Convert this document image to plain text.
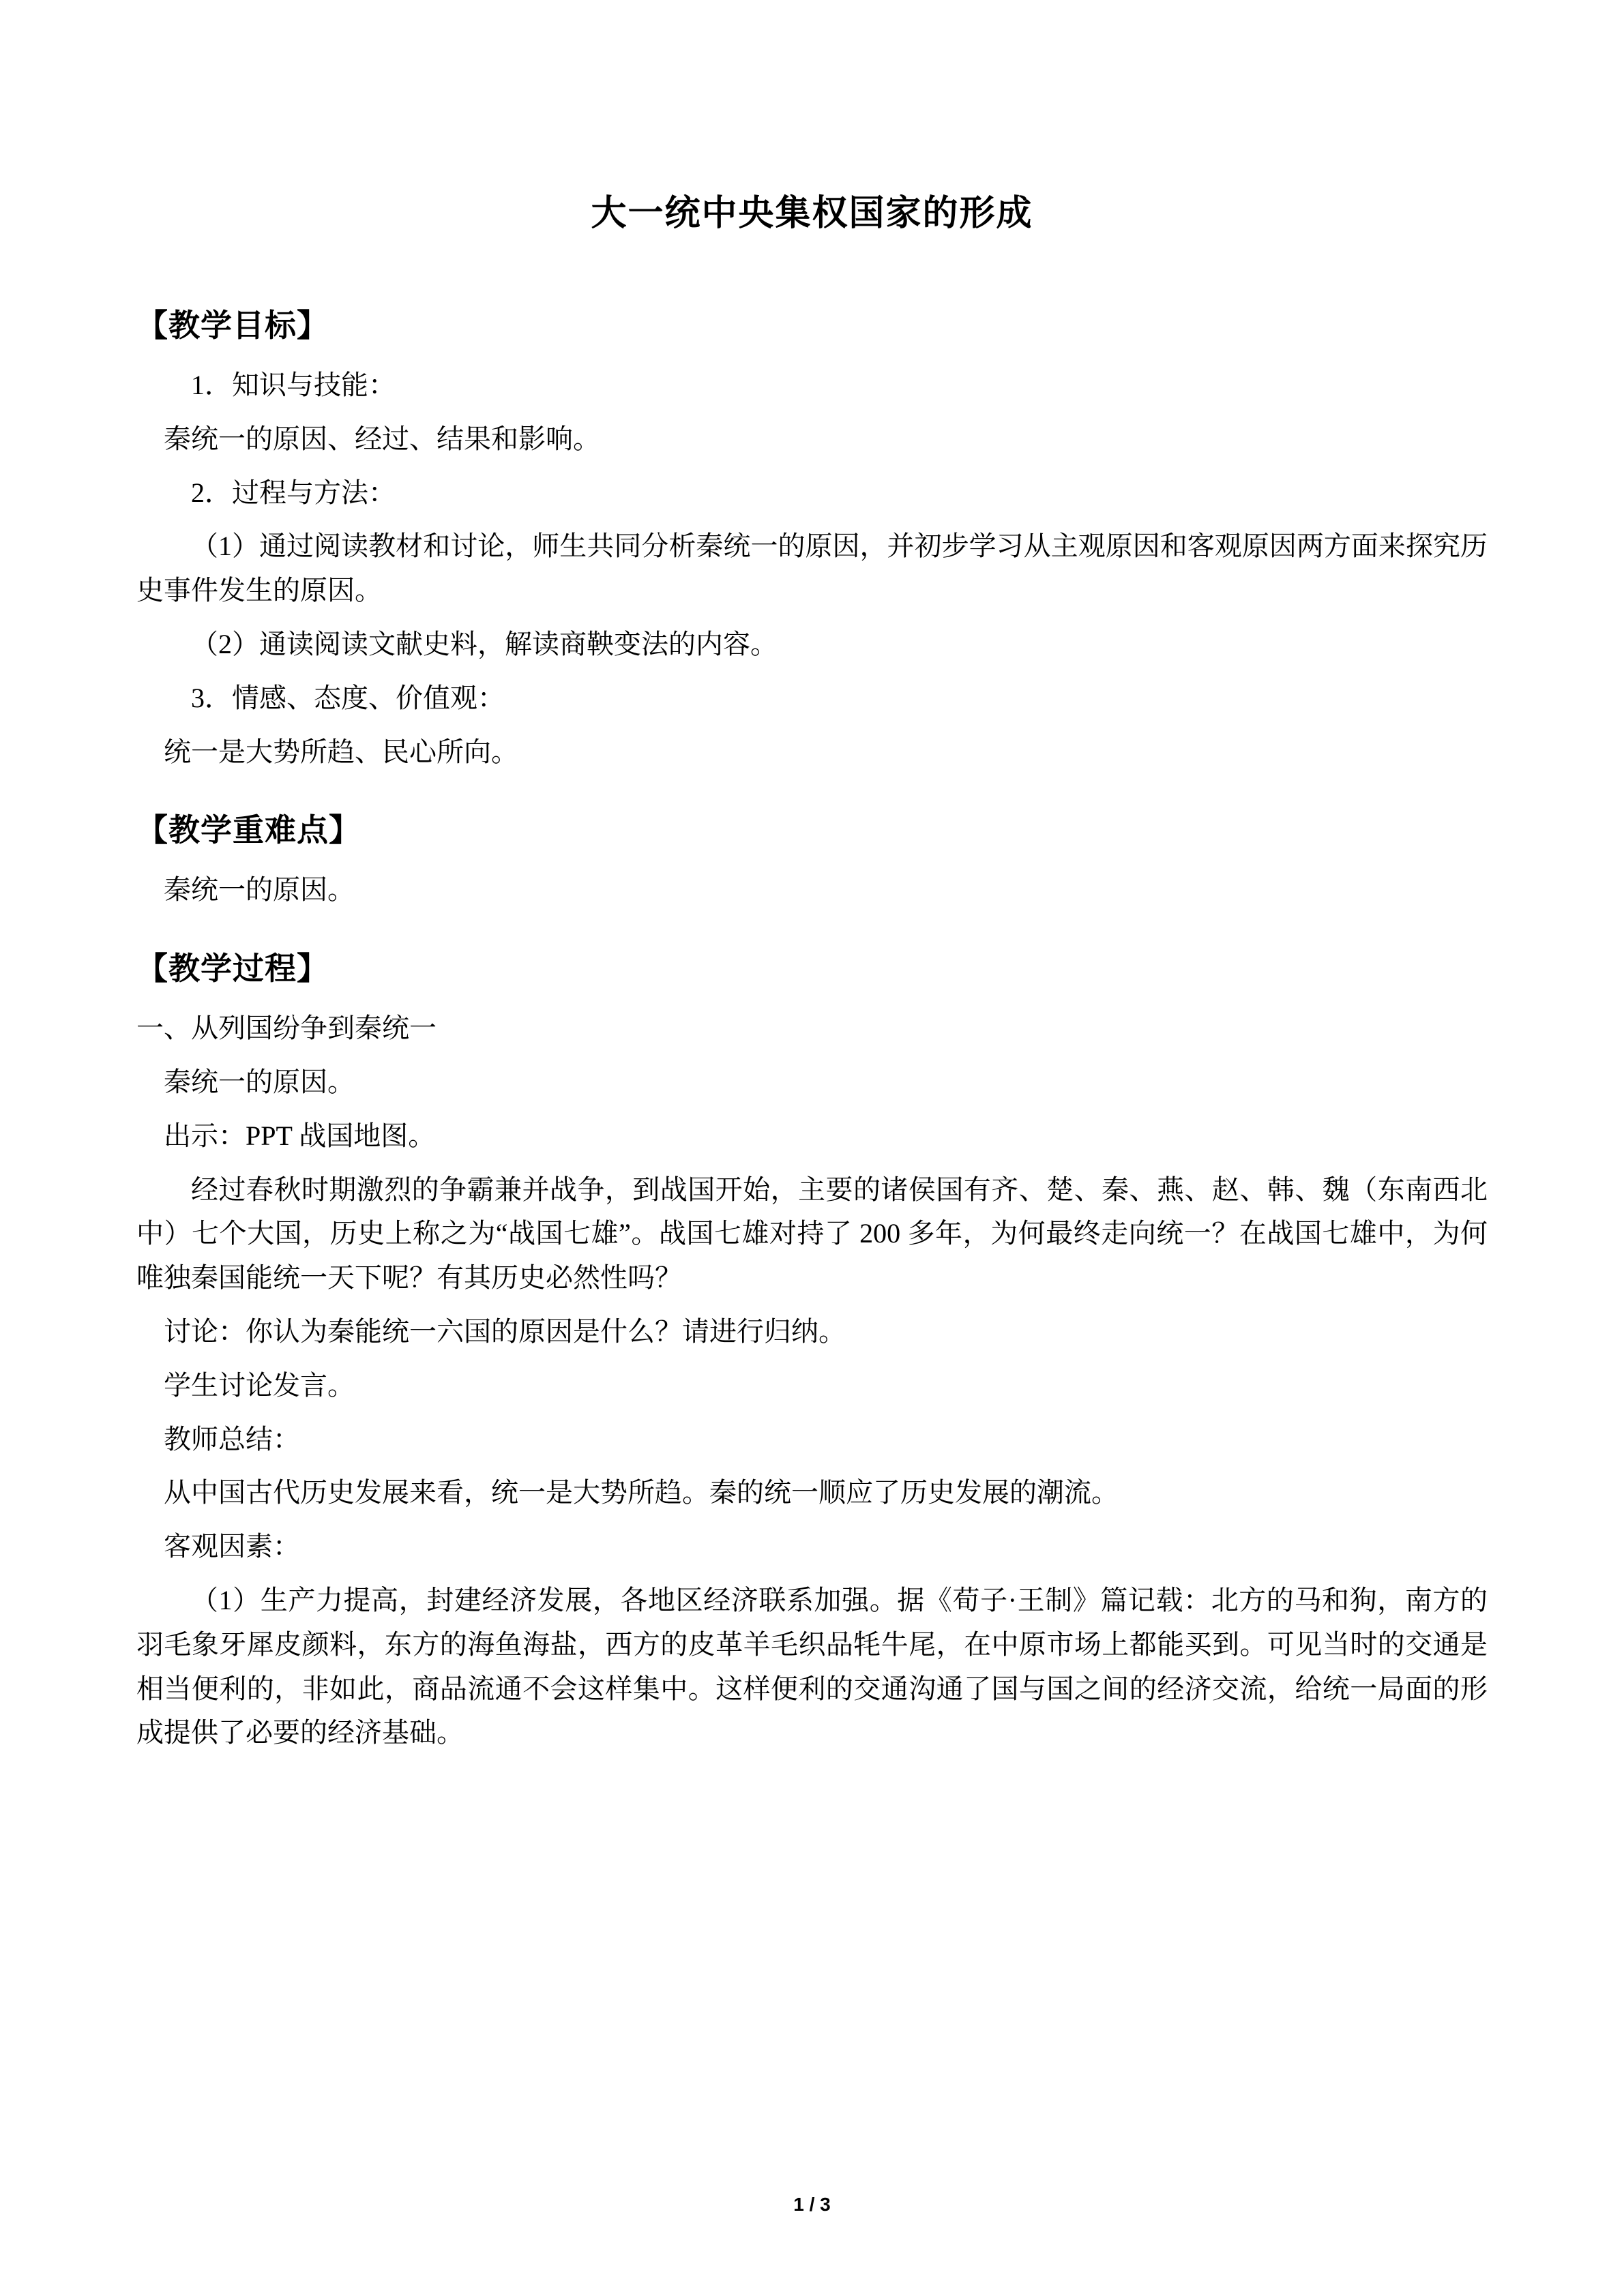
大一统中央集权国家的形成
【教学目标】

1．知识与技能：

秦统一的原因、经过、结果和影响。

2．过程与方法：

（1）通过阅读教材和讨论，师生共同分析秦统一的原因，并初步学习从主观原因和客观原因两方面来探究历史事件发生的原因。

（2）通读阅读文献史料，解读商鞅变法的内容。

3．情感、态度、价值观：

统一是大势所趋、民心所向。

【教学重难点】

秦统一的原因。

【教学过程】

一、从列国纷争到秦统一

秦统一的原因。

出示：PPT 战国地图。

经过春秋时期激烈的争霸兼并战争，到战国开始，主要的诸侯国有齐、楚、秦、燕、赵、韩、魏（东南西北中）七个大国，历史上称之为“战国七雄”。战国七雄对持了 200 多年，为何最终走向统一？在战国七雄中，为何唯独秦国能统一天下呢？有其历史必然性吗？

讨论：你认为秦能统一六国的原因是什么？请进行归纳。

学生讨论发言。

教师总结：

从中国古代历史发展来看，统一是大势所趋。秦的统一顺应了历史发展的潮流。

客观因素：

（1）生产力提高，封建经济发展，各地区经济联系加强。据《荀子·王制》篇记载：北方的马和狗，南方的羽毛象牙犀皮颜料，东方的海鱼海盐，西方的皮革羊毛织品牦牛尾，在中原市场上都能买到。可见当时的交通是相当便利的，非如此，商品流通不会这样集中。这样便利的交通沟通了国与国之间的经济交流，给统一局面的形成提供了必要的经济基础。

1 / 3
